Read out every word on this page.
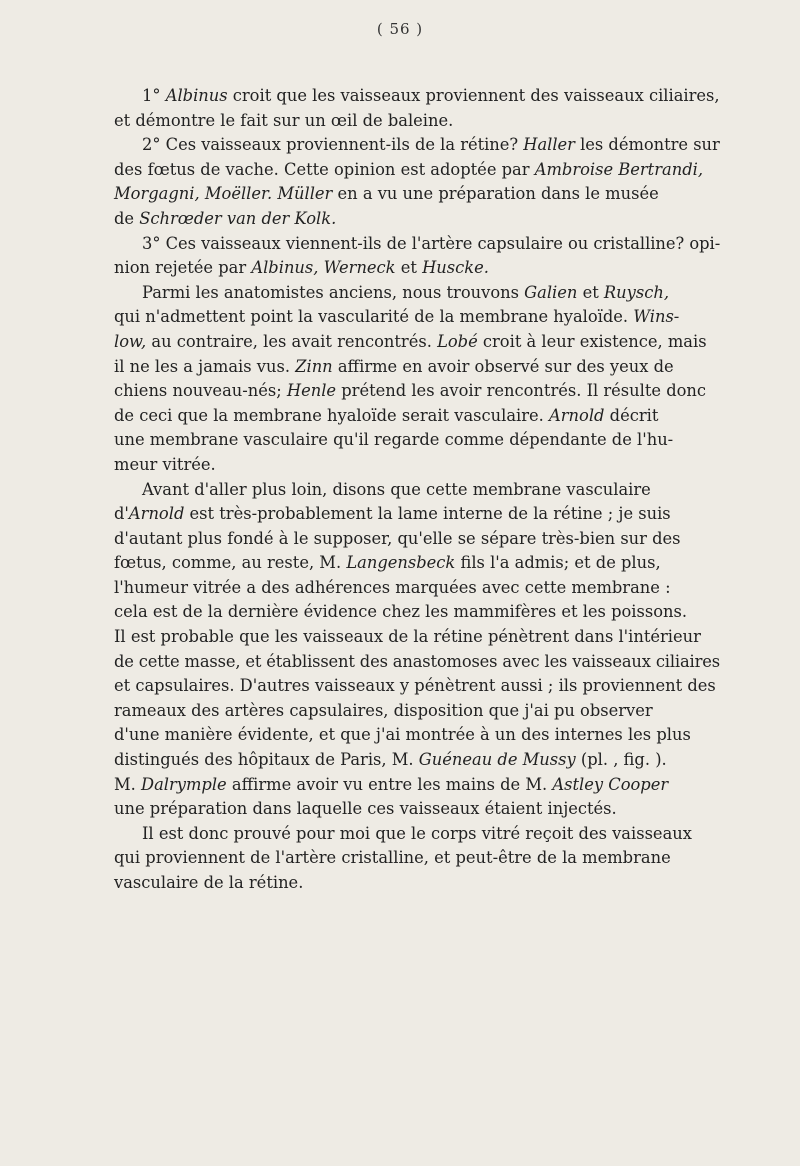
( 56 )
1° Albinus croit que les vaisseaux proviennent des vaisseaux ciliaires,
et démontre le fait sur un œil de baleine.
2° Ces vaisseaux proviennent-ils de la rétine? Haller les démontre sur
des fœtus de vache. Cette opinion est adoptée par Ambroise Bertrandi,
Morgagni, Moëller. Müller en a vu une préparation dans le musée
de Schrœder van der Kolk.
3° Ces vaisseaux viennent-ils de l'artère capsulaire ou cristalline? opi-
nion rejetée par Albinus, Werneck et Huscke.
Parmi les anatomistes anciens, nous trouvons Galien et Ruysch,
qui n'admettent point la vascularité de la membrane hyaloïde. Wins-
low, au contraire, les avait rencontrés. Lobé croit à leur existence, mais
il ne les a jamais vus. Zinn affirme en avoir observé sur des yeux de
chiens nouveau-nés; Henle prétend les avoir rencontrés. Il résulte donc
de ceci que la membrane hyaloïde serait vasculaire. Arnold décrit
une membrane vasculaire qu'il regarde comme dépendante de l'hu-
meur vitrée.
Avant d'aller plus loin, disons que cette membrane vasculaire
d'Arnold est très-probablement la lame interne de la rétine ; je suis
d'autant plus fondé à le supposer, qu'elle se sépare très-bien sur des
fœtus, comme, au reste, M. Langensbeck fils l'a admis; et de plus,
l'humeur vitrée a des adhérences marquées avec cette membrane :
cela est de la dernière évidence chez les mammifères et les poissons.
Il est probable que les vaisseaux de la rétine pénètrent dans l'intérieur
de cette masse, et établissent des anastomoses avec les vaisseaux ciliaires
et capsulaires. D'autres vaisseaux y pénètrent aussi ; ils proviennent des
rameaux des artères capsulaires, disposition que j'ai pu observer
d'une manière évidente, et que j'ai montrée à un des internes les plus
distingués des hôpitaux de Paris, M. Guéneau de Mussy (pl. , fig. ).
M. Dalrymple affirme avoir vu entre les mains de M. Astley Cooper
une préparation dans laquelle ces vaisseaux étaient injectés.
Il est donc prouvé pour moi que le corps vitré reçoit des vaisseaux
qui proviennent de l'artère cristalline, et peut-être de la membrane
vasculaire de la rétine.
